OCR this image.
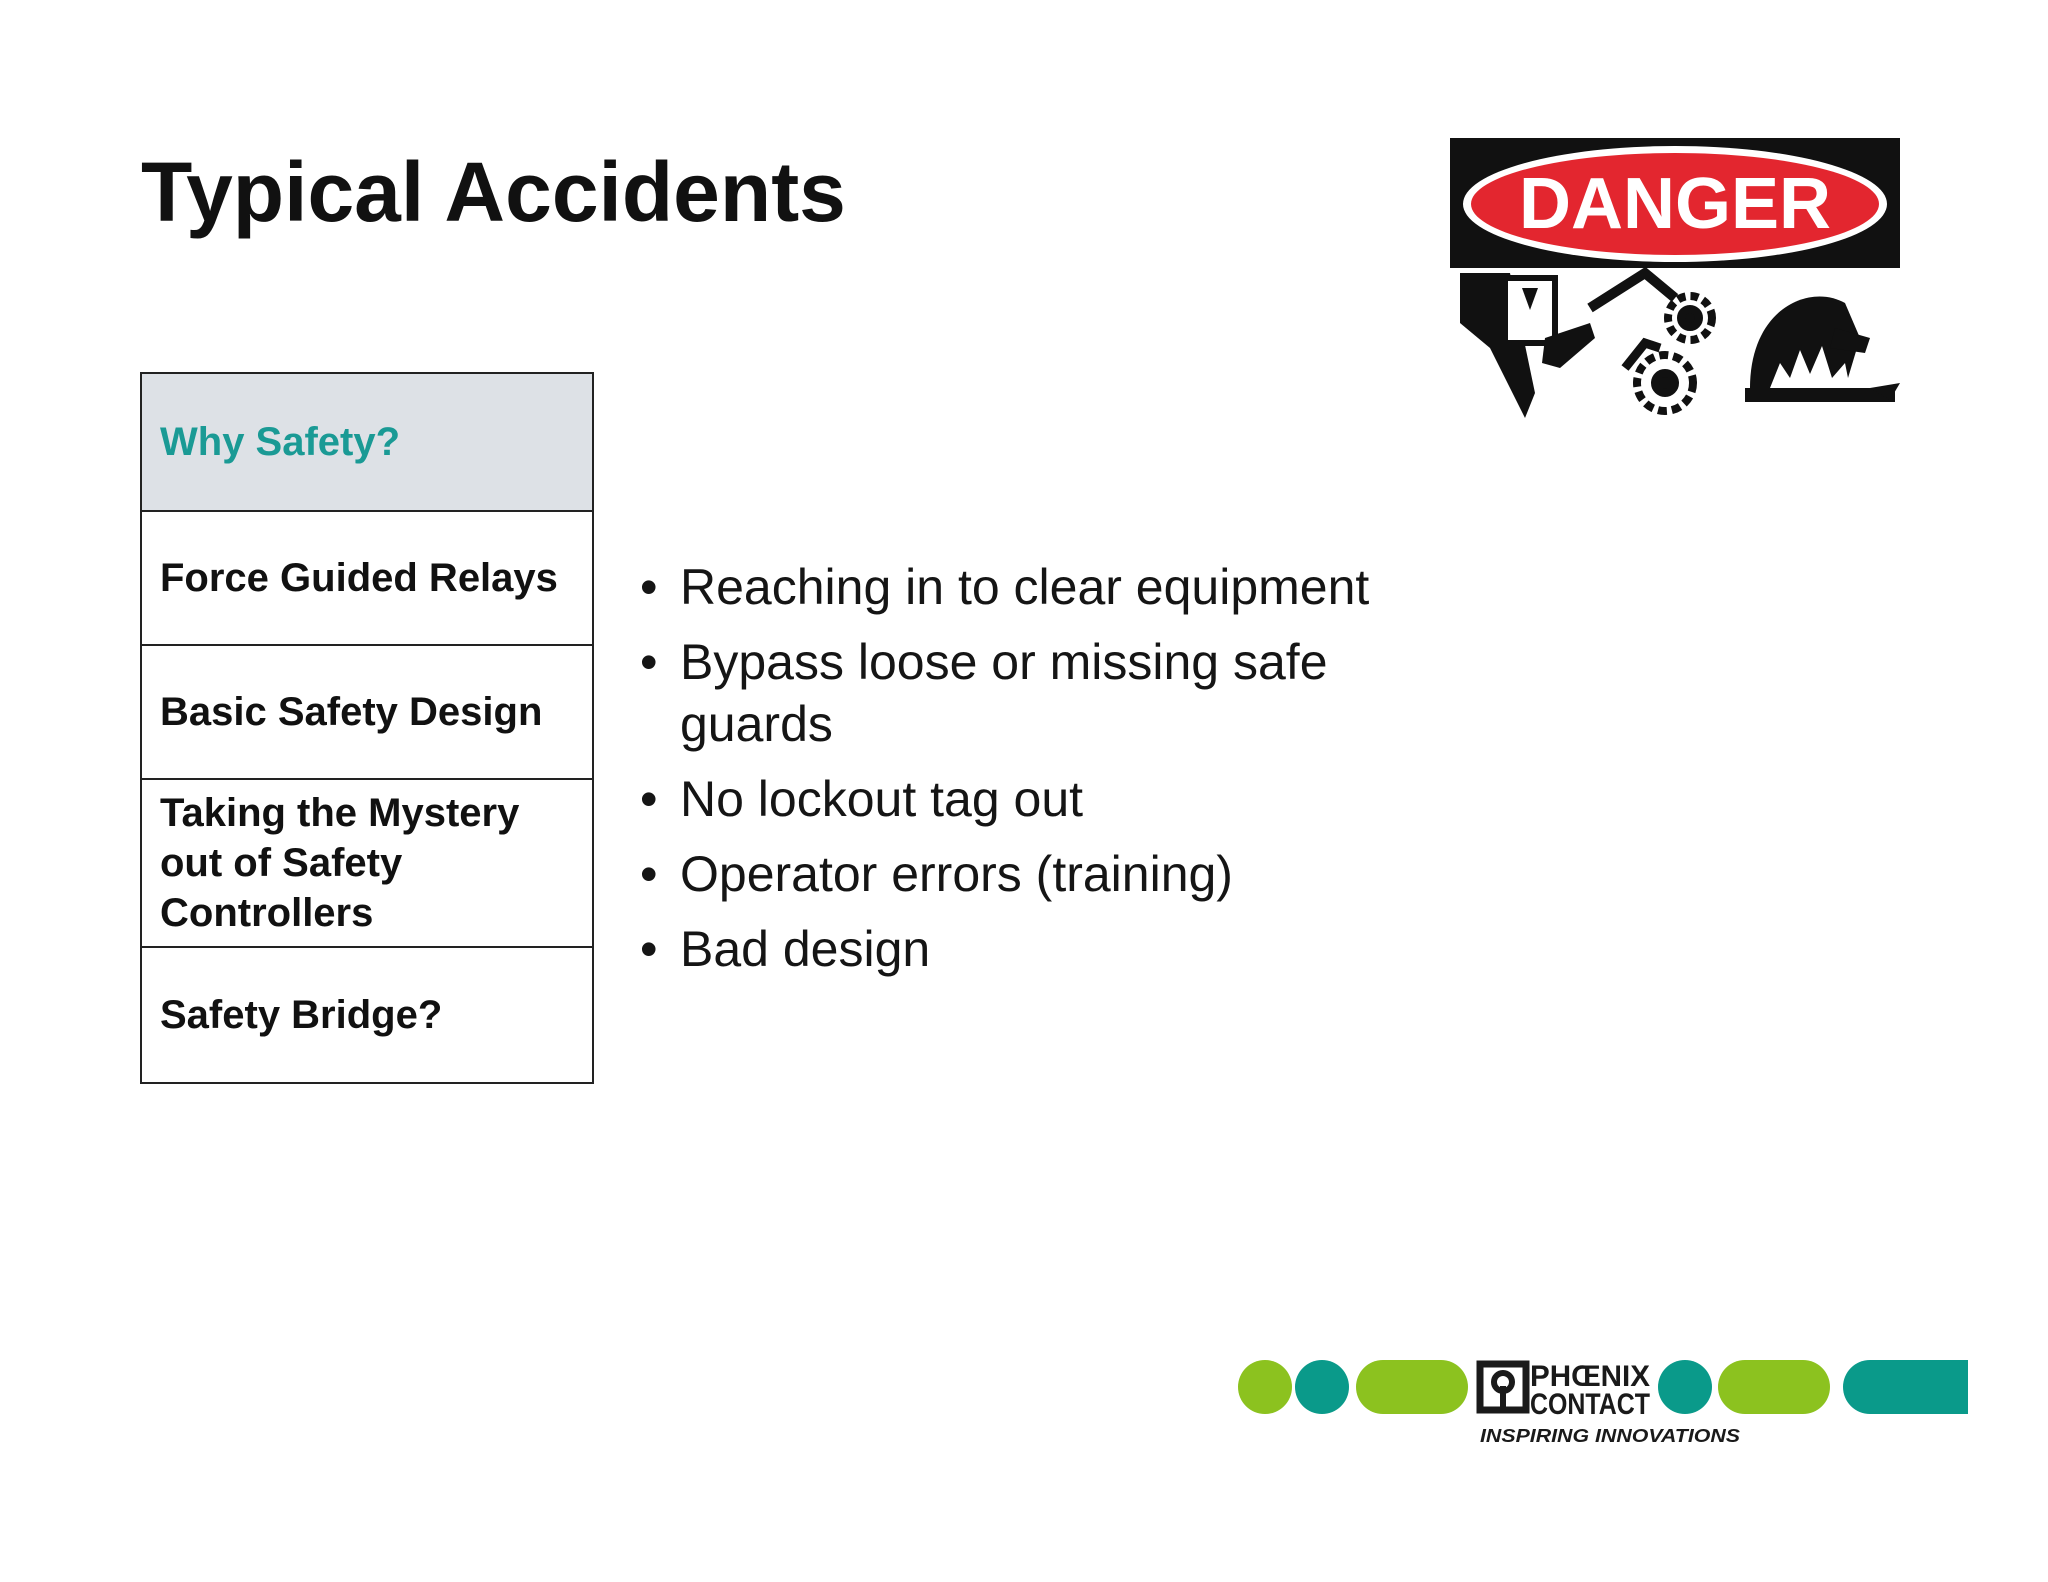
Typical Accidents
Why Safety?
Force Guided Relays
Basic Safety Design
Taking the Mystery out of Safety Controllers
Safety Bridge?
• Reaching in to clear equipment
• Bypass loose or missing safe guards
• No lockout tag out
• Operator errors (training)
• Bad design
DANGER
PHŒNIX
CONTACT
INSPIRING INNOVATIONS
